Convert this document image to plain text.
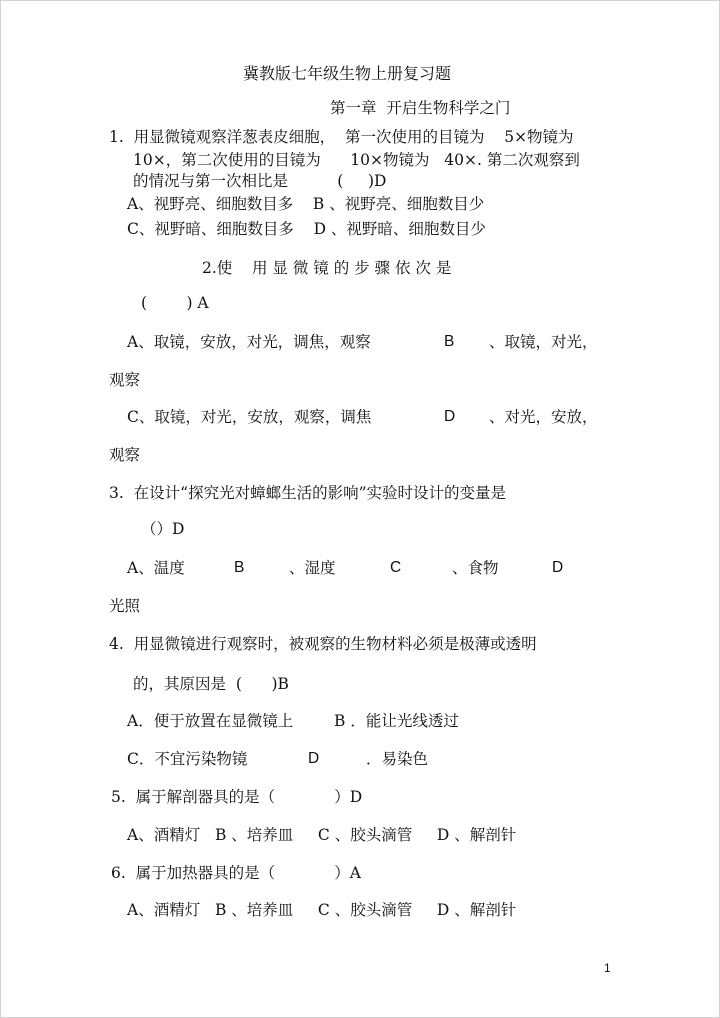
冀教版七年级生物上册复习题
第一章  开启生物科学之门
1.  用显微镜观察洋葱表皮细胞，  第一次使用的目镜为    5×物镜为
10×，第二次使用的目镜为      10×物镜为   40×. 第二次观察到
的情况与第一次相比是          (     )D
A、视野亮、细胞数目多    B 、视野亮、细胞数目少
C、视野暗、细胞数目多    D 、视野暗、细胞数目少
2.使    用 显 微 镜 的 步 骤 依 次 是
(        ) A
A、取镜，安放，对光，调焦，观察	B 、取镜，对光，
观察
C、取镜，对光，安放，观察，调焦	D 、对光，安放，
观察
3.  在设计“探究光对蟑螂生活的影响”实验时设计的变量是
（）D
A、温度	B	、湿度	C	、食物	D
光照
4.  用显微镜进行观察时，被观察的生物材料必须是极薄或透明
的，其原因是  (      )B
A．便于放置在显微镜上	B ．能让光线透过
C．不宜污染物镜	D	．易染色
5.  属于解剖器具的是（            ）D
A、酒精灯   B 、培养皿     C 、胶头滴管     D 、解剖针
6.  属于加热器具的是（            ）A
A、酒精灯   B 、培养皿     C 、胶头滴管     D 、解剖针
1
